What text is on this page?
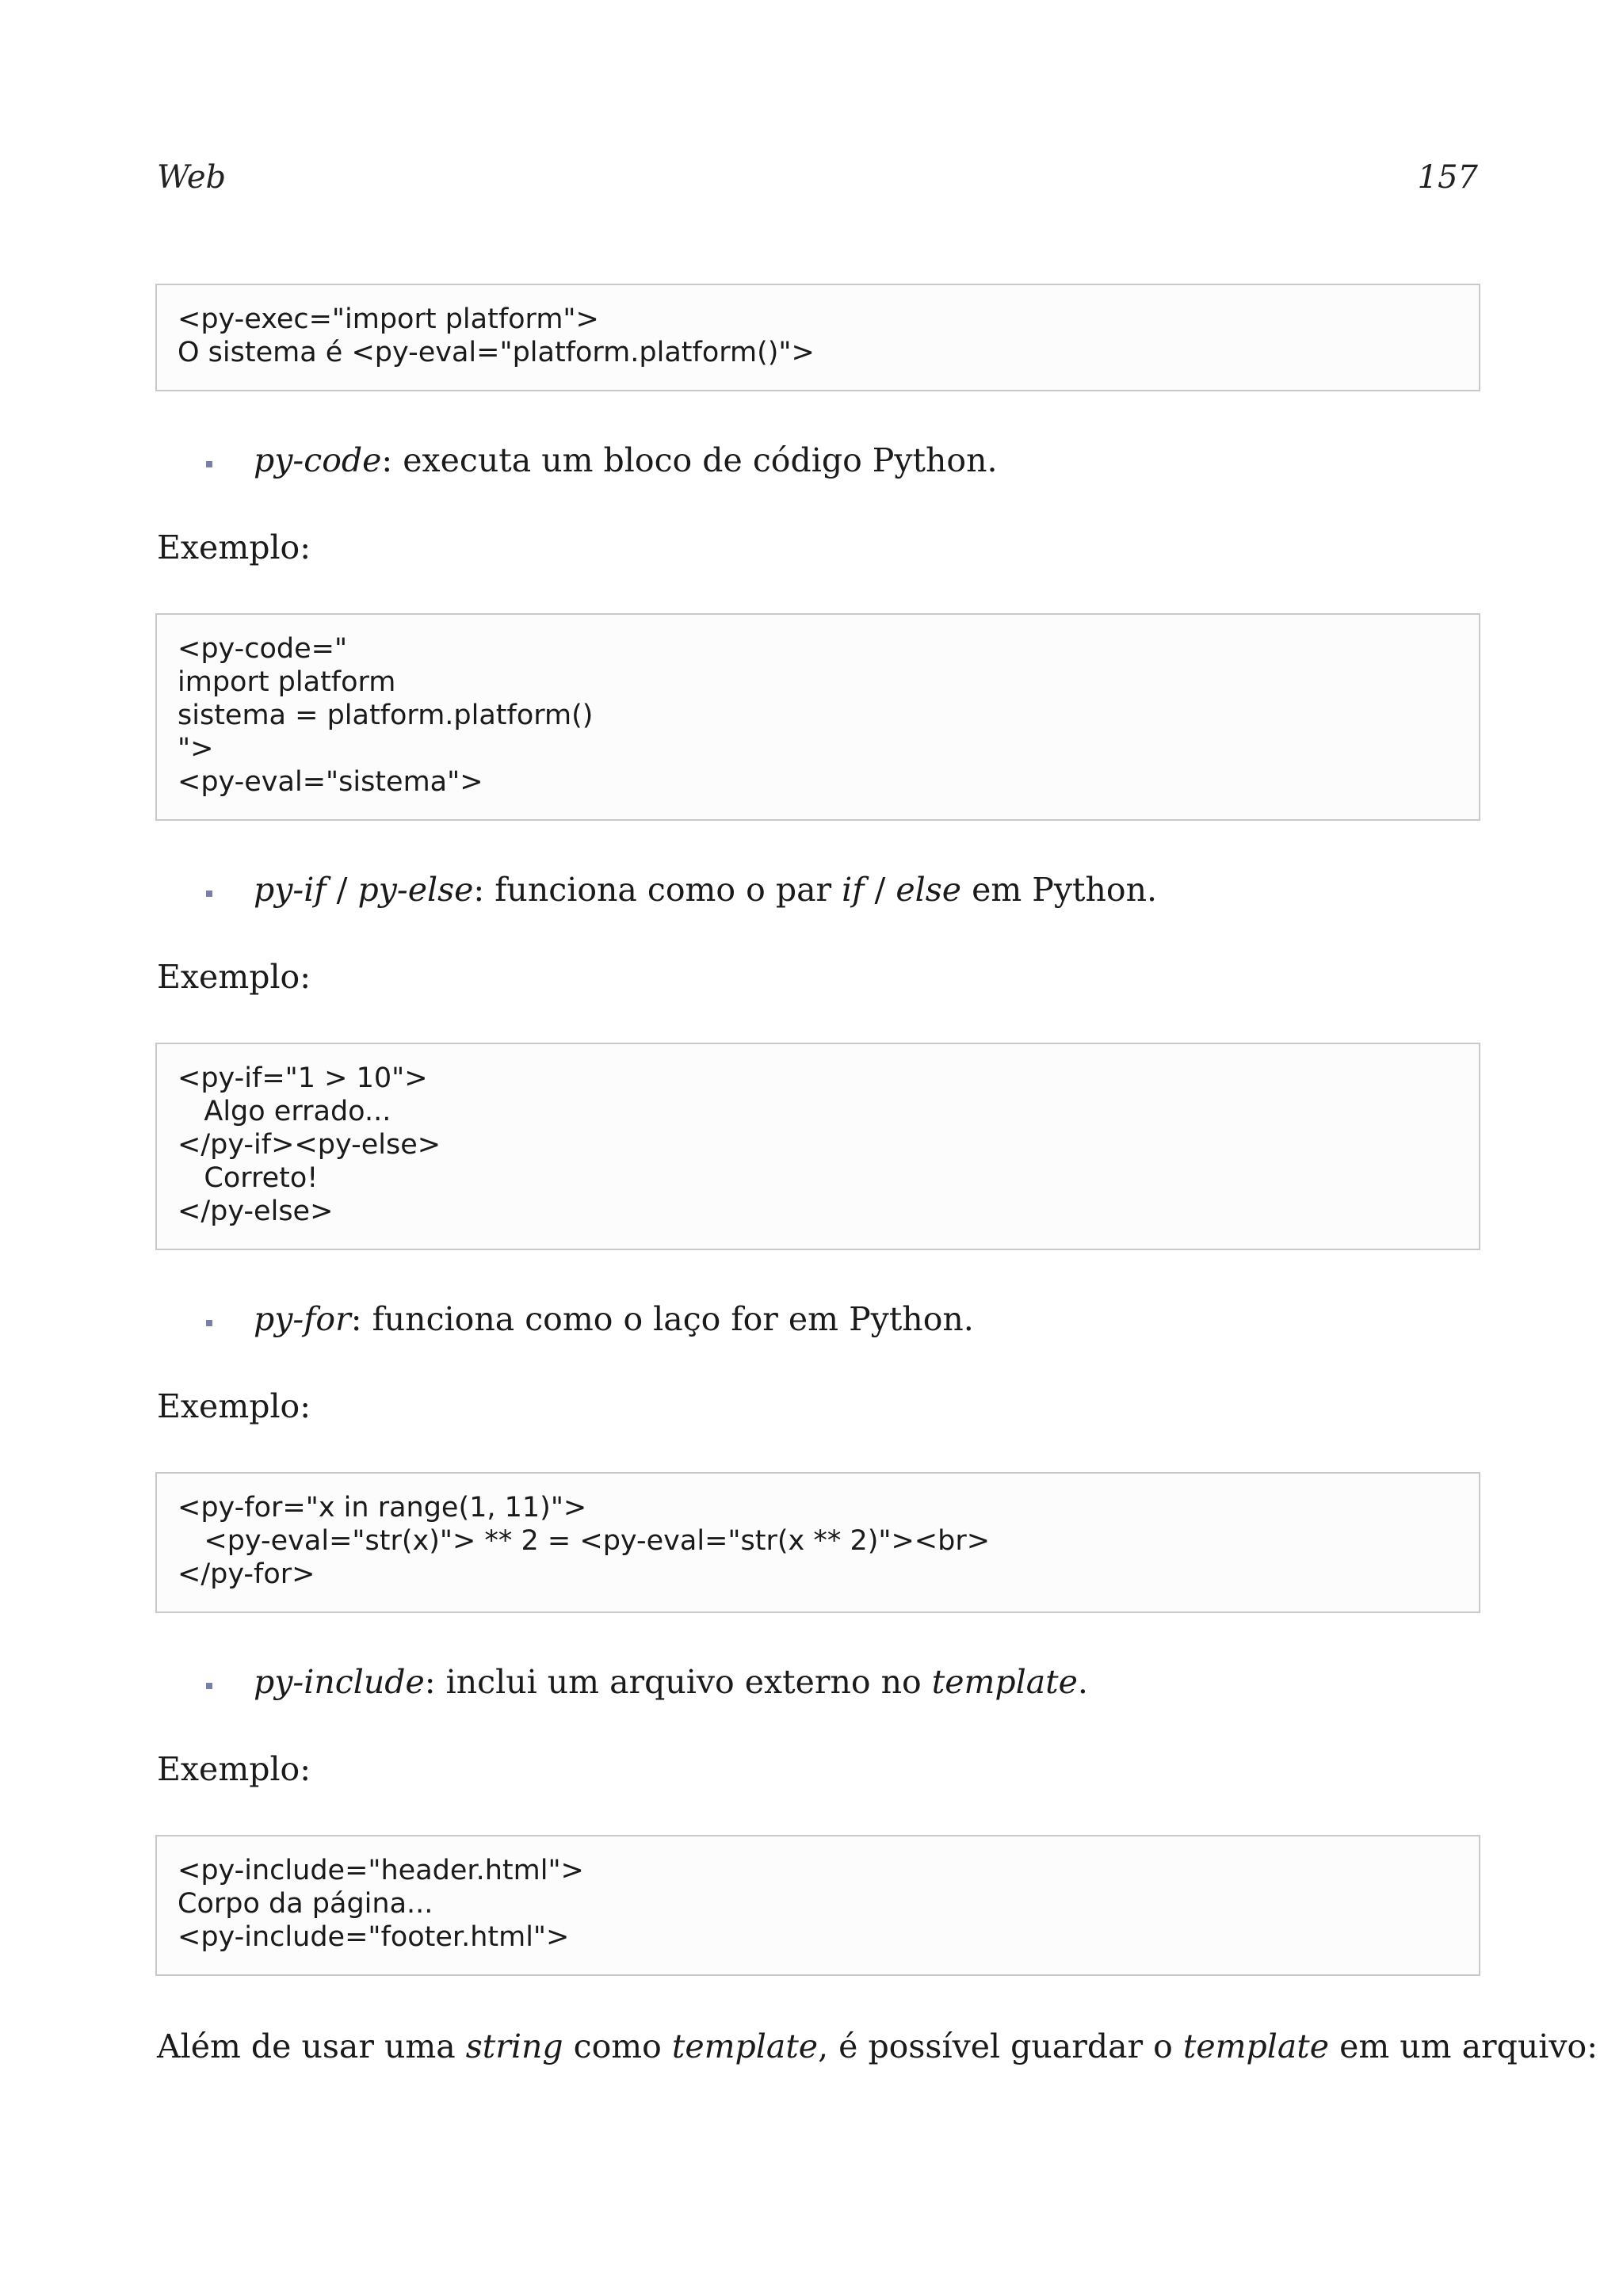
Web	157
<py-exec="import platform">
O sistema é <py-eval="platform.platform()">
py-code: executa um bloco de código Python.
Exemplo:
<py-code="
import platform
sistema = platform.platform()
">
<py-eval="sistema">
py-if / py-else: funciona como o par if / else em Python.
Exemplo:
<py-if="1 > 10">
Algo errado...
</py-if><py-else>
Correto!
</py-else>
py-for: funciona como o laço for em Python.
Exemplo:
<py-for="x in range(1, 11)">
<py-eval="str(x)"> ** 2 = <py-eval="str(x ** 2)"><br>
</py-for>
py-include: inclui um arquivo externo no template.
Exemplo:
<py-include="header.html">
Corpo da página...
<py-include="footer.html">
Além de usar uma string como template, é possível guardar o template em um arquivo:
